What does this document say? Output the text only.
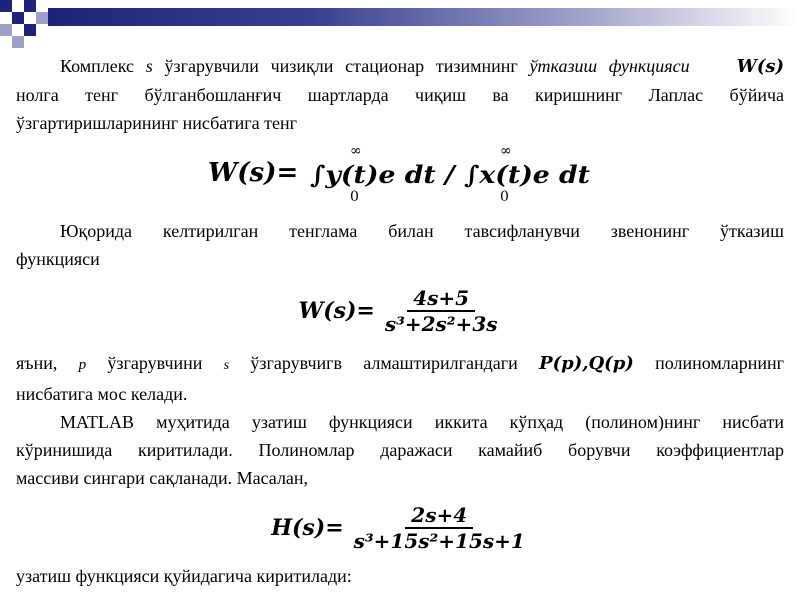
Комплекс s ўзгарувчили чизиқли стационар тизимнинг ўтказиш функцияси	W(s)

нолга тенг бўлганбошланғич шартларда чиқиш ва киришнинг Лаплас бўйича

ўзгартиришларининг нисбатига тенг

W(s)=
∞	∞
∫y(t)e dt / ∫x(t)e dt
0	0

Юқорида келтирилган тенглама билан тавсифланувчи звенонинг ўтказиш

функцияси

$W(s)= \frac{4s+5}{\text{s³+2s²+3s}}$

яъни, p ўзгарувчини s ўзгарувчигв алмаштирилгандаги P(p),Q(p) полиномларнинг

нисбатига мос келади.

MATLAB муҳитида узатиш функцияси иккита кўпҳад (полином)нинг нисбати

кўринишида киритилади. Полиномлар даражаси камайиб борувчи коэффициентлар

массиви сингари сақланади. Масалан,

$H(s)= \frac{2s+4}{\text{s³+15s²+15s+1}}$

узатиш функцияси қуйидагича киритилади:
